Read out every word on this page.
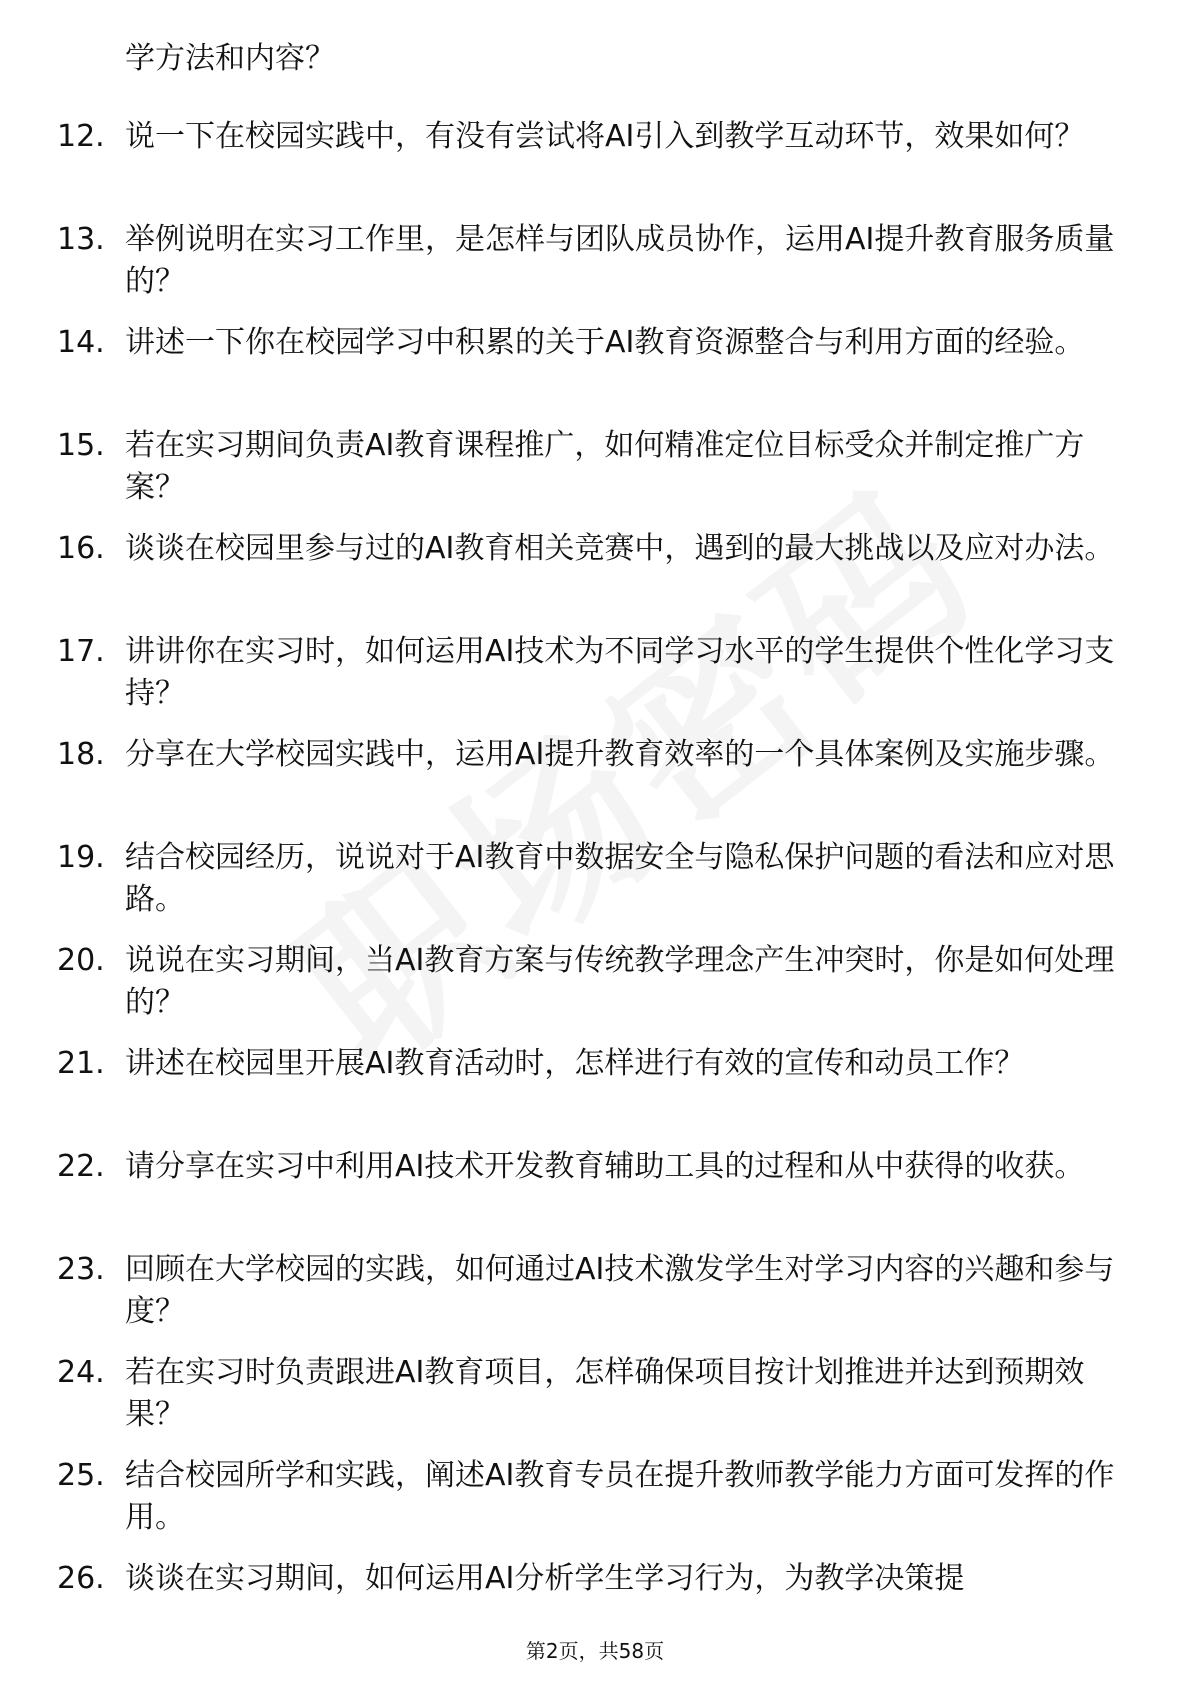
学方法和内容？
12. 说一下在校园实践中，有没有尝试将AI引入到教学互动环节，效果如何？
13. 举例说明在实习工作里，是怎样与团队成员协作，运用AI提升教育服务质量的？
14. 讲述一下你在校园学习中积累的关于AI教育资源整合与利用方面的经验。
15. 若在实习期间负责AI教育课程推广，如何精准定位目标受众并制定推广方案？
16. 谈谈在校园里参与过的AI教育相关竞赛中，遇到的最大挑战以及应对办法。
17. 讲讲你在实习时，如何运用AI技术为不同学习水平的学生提供个性化学习支持？
18. 分享在大学校园实践中，运用AI提升教育效率的一个具体案例及实施步骤。
19. 结合校园经历，说说对于AI教育中数据安全与隐私保护问题的看法和应对思路。
20. 说说在实习期间，当AI教育方案与传统教学理念产生冲突时，你是如何处理的？
21. 讲述在校园里开展AI教育活动时，怎样进行有效的宣传和动员工作？
22. 请分享在实习中利用AI技术开发教育辅助工具的过程和从中获得的收获。
23. 回顾在大学校园的实践，如何通过AI技术激发学生对学习内容的兴趣和参与度？
24. 若在实习时负责跟进AI教育项目，怎样确保项目按计划推进并达到预期效果？
25. 结合校园所学和实践，阐述AI教育专员在提升教师教学能力方面可发挥的作用。
26. 谈谈在实习期间，如何运用AI分析学生学习行为，为教学决策提
第2页，共58页
